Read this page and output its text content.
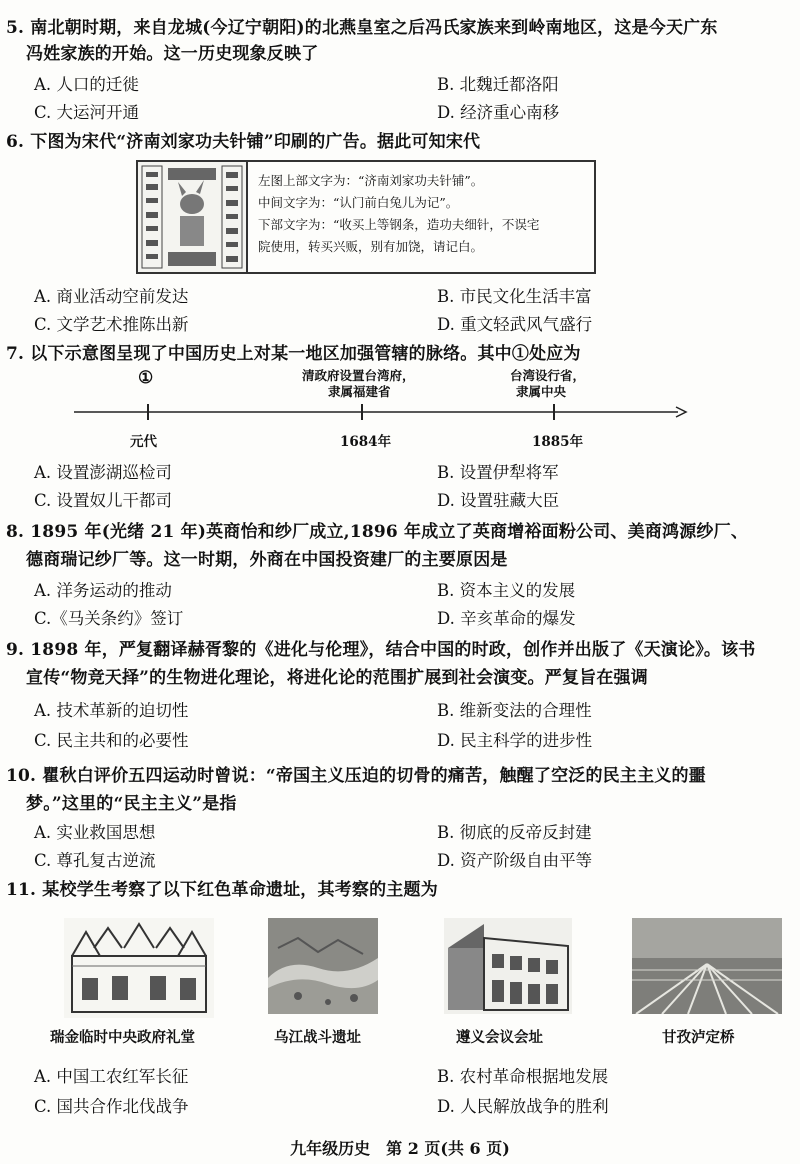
5. 南北朝时期，来自龙城(今辽宁朝阳)的北燕皇室之后冯氏家族来到岭南地区，这是今天广东
冯姓家族的开始。这一历史现象反映了
A. 人口的迁徙	B. 北魏迁都洛阳
C. 大运河开通	D. 经济重心南移
6. 下图为宋代“济南刘家功夫针铺”印刷的广告。据此可知宋代
左图上部文字为：“济南刘家功夫针铺”。
中间文字为：“认门前白兔儿为记”。
下部文字为：“收买上等钢条，造功夫细针，不误宅
院使用，转买兴贩，别有加饶，请记白。
A. 商业活动空前发达	B. 市民文化生活丰富
C. 文学艺术推陈出新	D. 重文轻武风气盛行
7. 以下示意图呈现了中国历史上对某一地区加强管辖的脉络。其中①处应为
①	清政府设置台湾府，
隶属福建省
台湾设行省，
隶属中央
元代	1684年	1885年
A. 设置澎湖巡检司	B. 设置伊犁将军
C. 设置奴儿干都司	D. 设置驻藏大臣
8. 1895 年(光绪 21 年)英商怡和纱厂成立,1896 年成立了英商增裕面粉公司、美商鸿源纱厂、
德商瑞记纱厂等。这一时期，外商在中国投资建厂的主要原因是
A. 洋务运动的推动	B. 资本主义的发展
C.《马关条约》签订	D. 辛亥革命的爆发
9. 1898 年，严复翻译赫胥黎的《进化与伦理》，结合中国的时政，创作并出版了《天演论》。该书
宣传“物竞天择”的生物进化理论，将进化论的范围扩展到社会演变。严复旨在强调
A. 技术革新的迫切性	B. 维新变法的合理性
C. 民主共和的必要性	D. 民主科学的进步性
10. 瞿秋白评价五四运动时曾说：“帝国主义压迫的切骨的痛苦，触醒了空泛的民主主义的噩
梦。”这里的“民主主义”是指
A. 实业救国思想	B. 彻底的反帝反封建
C. 尊孔复古逆流	D. 资产阶级自由平等
11. 某校学生考察了以下红色革命遗址，其考察的主题为
瑞金临时中央政府礼堂	乌江战斗遗址	遵义会议会址	甘孜泸定桥
A. 中国工农红军长征	B. 农村革命根据地发展
C. 国共合作北伐战争	D. 人民解放战争的胜利
九年级历史　第 2 页(共 6 页)
